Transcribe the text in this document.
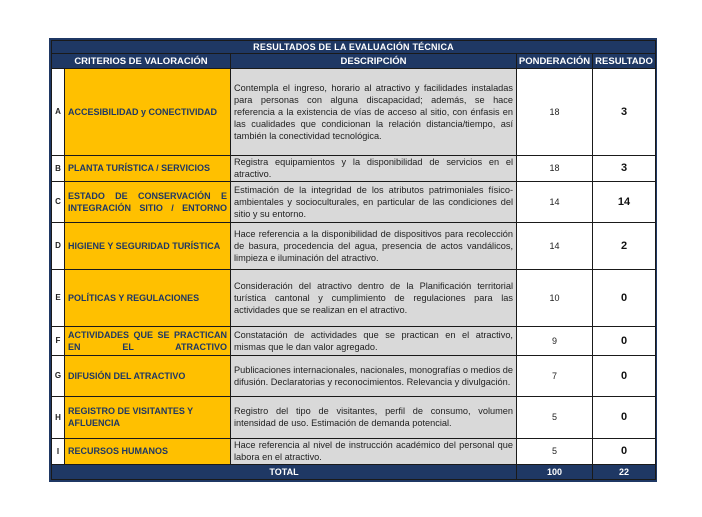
RESULTADOS DE LA EVALUACIÓN TÉCNICA				
CRITERIOS DE VALORACIÓN		DESCRIPCIÓN	PONDERACIÓN	RESULTADO
A	ACCESIBILIDAD y CONECTIVIDAD	Contempla el ingreso, horario al atractivo y facilidades instaladas para personas con alguna discapacidad; además, se hace referencia a la existencia de vías de acceso al sitio, con énfasis en las cualidades que condicionan la relación distancia/tiempo, así también la conectividad tecnológica.	18	3
B	PLANTA TURÍSTICA / SERVICIOS	Registra equipamientos y la disponibilidad de servicios en el atractivo.	18	3
C	ESTADO DE CONSERVACIÓN E INTEGRACIÓN SITIO / ENTORNO	Estimación de la integridad de los atributos patrimoniales físico-ambientales y socioculturales, en particular de las condiciones del sitio y su entorno.	14	14
D	HIGIENE Y SEGURIDAD TURÍSTICA	Hace referencia a la disponibilidad de dispositivos para recolección de basura, procedencia del agua, presencia de actos vandálicos, limpieza e iluminación del atractivo.	14	2
E	POLÍTICAS Y REGULACIONES	Consideración del atractivo dentro de la Planificación territorial turística cantonal y cumplimiento de regulaciones para las actividades que se realizan en el atractivo.	10	0
F	ACTIVIDADES QUE SE PRACTICAN EN EL ATRACTIVO	Constatación de actividades que se practican en el atractivo, mismas que le dan valor agregado.	9	0
G	DIFUSIÓN DEL ATRACTIVO	Publicaciones internacionales, nacionales, monografías o medios de difusión. Declaratorias y reconocimientos. Relevancia y divulgación.	7	0
H	REGISTRO DE VISITANTES Y AFLUENCIA	Registro del tipo de visitantes, perfil de consumo, volumen intensidad de uso. Estimación de demanda potencial.	5	0
I	RECURSOS HUMANOS	Hace referencia al nivel de instrucción académico del personal que labora en el atractivo.	5	0
TOTAL			100	22
